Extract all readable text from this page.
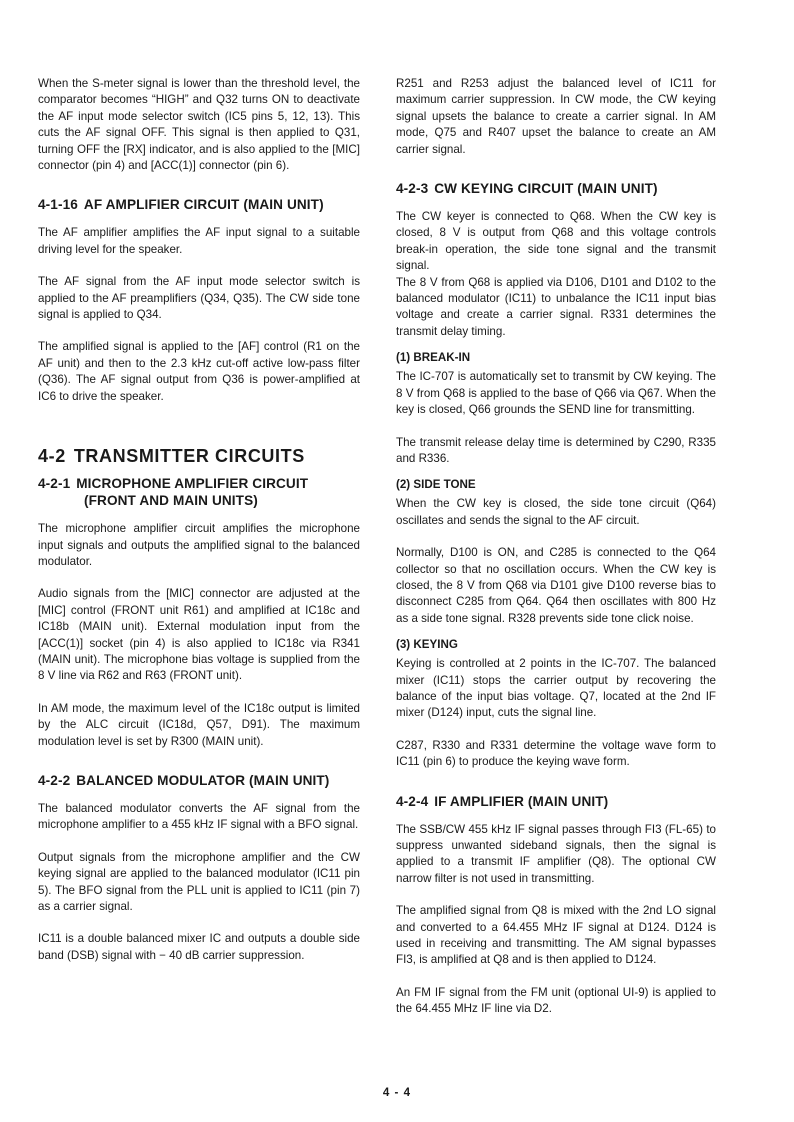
When the S-meter signal is lower than the threshold level, the comparator becomes “HIGH” and Q32 turns ON to deactivate the AF input mode selector switch (IC5 pins 5, 12, 13). This cuts the AF signal OFF. This signal is then applied to Q31, turning OFF the [RX] indicator, and is also applied to the [MIC] connector (pin 4) and [ACC(1)] connector (pin 6).

4-1-16 AF AMPLIFIER CIRCUIT (MAIN UNIT)

The AF amplifier amplifies the AF input signal to a suitable driving level for the speaker.

The AF signal from the AF input mode selector switch is applied to the AF preamplifiers (Q34, Q35). The CW side tone signal is applied to Q34.

The amplified signal is applied to the [AF] control (R1 on the AF unit) and then to the 2.3 kHz cut-off active low-pass filter (Q36). The AF signal output from Q36 is power-amplified at IC6 to drive the speaker.

4-2 TRANSMITTER CIRCUITS
4-2-1 MICROPHONE AMPLIFIER CIRCUIT
(FRONT AND MAIN UNITS)

The microphone amplifier circuit amplifies the microphone input signals and outputs the amplified signal to the balanced modulator.

Audio signals from the [MIC] connector are adjusted at the [MIC] control (FRONT unit R61) and amplified at IC18c and IC18b (MAIN unit). External modulation input from the [ACC(1)] socket (pin 4) is also applied to IC18c via R341 (MAIN unit). The microphone bias voltage is supplied from the 8 V line via R62 and R63 (FRONT unit).

In AM mode, the maximum level of the IC18c output is limited by the ALC circuit (IC18d, Q57, D91). The maximum modulation level is set by R300 (MAIN unit).

4-2-2 BALANCED MODULATOR (MAIN UNIT)

The balanced modulator converts the AF signal from the microphone amplifier to a 455 kHz IF signal with a BFO signal.

Output signals from the microphone amplifier and the CW keying signal are applied to the balanced modulator (IC11 pin 5). The BFO signal from the PLL unit is applied to IC11 (pin 7) as a carrier signal.

IC11 is a double balanced mixer IC and outputs a double side band (DSB) signal with − 40 dB carrier suppression.

R251 and R253 adjust the balanced level of IC11 for maximum carrier suppression. In CW mode, the CW keying signal upsets the balance to create a carrier signal. In AM mode, Q75 and R407 upset the balance to create an AM carrier signal.

4-2-3 CW KEYING CIRCUIT (MAIN UNIT)

The CW keyer is connected to Q68. When the CW key is closed, 8 V is output from Q68 and this voltage controls break-in operation, the side tone signal and the transmit signal.

The 8 V from Q68 is applied via D106, D101 and D102 to the balanced modulator (IC11) to unbalance the IC11 input bias voltage and create a carrier signal. R331 determines the transmit delay timing.

(1) BREAK-IN

The IC-707 is automatically set to transmit by CW keying. The 8 V from Q68 is applied to the base of Q66 via Q67. When the key is closed, Q66 grounds the SEND line for transmitting.

The transmit release delay time is determined by C290, R335 and R336.

(2) SIDE TONE

When the CW key is closed, the side tone circuit (Q64) oscillates and sends the signal to the AF circuit.

Normally, D100 is ON, and C285 is connected to the Q64 collector so that no oscillation occurs. When the CW key is closed, the 8 V from Q68 via D101 give D100 reverse bias to disconnect C285 from Q64. Q64 then oscillates with 800 Hz as a side tone signal. R328 prevents side tone click noise.

(3) KEYING

Keying is controlled at 2 points in the IC-707. The balanced mixer (IC11) stops the carrier output by recovering the balance of the input bias voltage. Q7, located at the 2nd IF mixer (D124) input, cuts the signal line.

C287, R330 and R331 determine the voltage wave form to IC11 (pin 6) to produce the keying wave form.

4-2-4 IF AMPLIFIER (MAIN UNIT)

The SSB/CW 455 kHz IF signal passes through FI3 (FL-65) to suppress unwanted sideband signals, then the signal is applied to a transmit IF amplifier (Q8). The optional CW narrow filter is not used in transmitting.

The amplified signal from Q8 is mixed with the 2nd LO signal and converted to a 64.455 MHz IF signal at D124. D124 is used in receiving and transmitting. The AM signal bypasses FI3, is amplified at Q8 and is then applied to D124.

An FM IF signal from the FM unit (optional UI-9) is applied to the 64.455 MHz IF line via D2.

4 - 4
